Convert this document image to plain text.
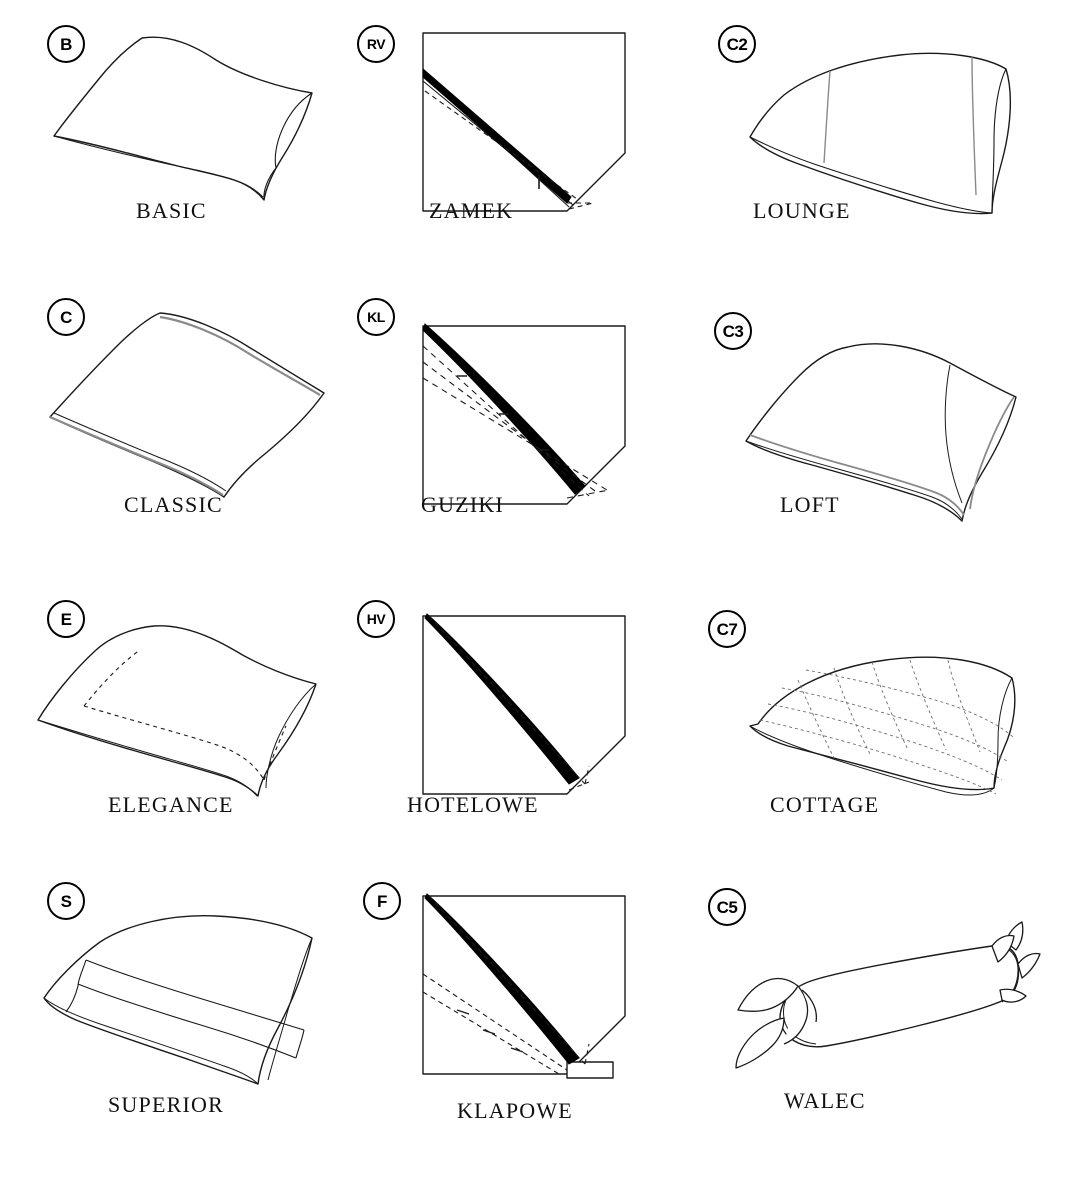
B
BASIC
RV
ZAMEK
C2
LOUNGE
C
CLASSIC
KL
GUZIKI
C3
LOFT
E
ELEGANCE
HV
HOTELOWE
C7
COTTAGE
S
SUPERIOR
F
KLAPOWE
C5
WALEC
